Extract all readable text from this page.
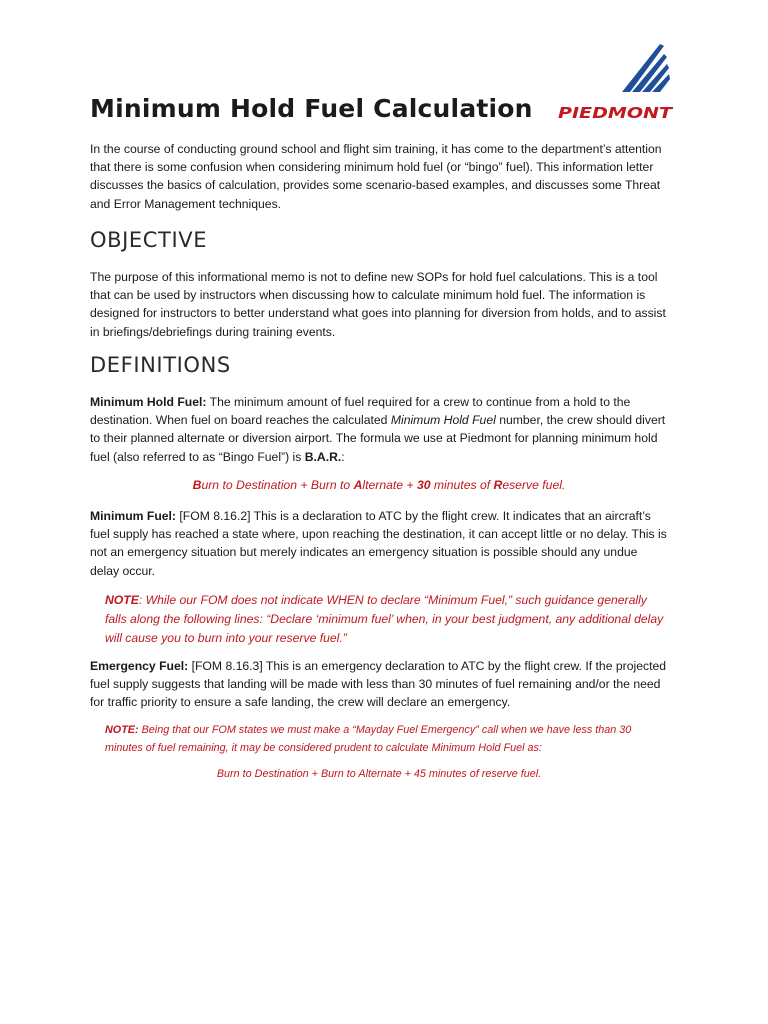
Minimum Hold Fuel Calculation PIEDMONT

In the course of conducting ground school and flight sim training, it has come to the department’s attention that there is some confusion when considering minimum hold fuel (or “bingo” fuel). This information letter discusses the basics of calculation, provides some scenario-based examples, and discusses some Threat and Error Management techniques.

OBJECTIVE

The purpose of this informational memo is not to define new SOPs for hold fuel calculations. This is a tool that can be used by instructors when discussing how to calculate minimum hold fuel. The information is designed for instructors to better understand what goes into planning for diversion from holds, and to assist in briefings/debriefings during training events.

DEFINITIONS

Minimum Hold Fuel: The minimum amount of fuel required for a crew to continue from a hold to the destination. When fuel on board reaches the calculated Minimum Hold Fuel number, the crew should divert to their planned alternate or diversion airport. The formula we use at Piedmont for planning minimum hold fuel (also referred to as “Bingo Fuel”) is B.A.R.:

Burn to Destination + Burn to Alternate + 30 minutes of Reserve fuel.

Minimum Fuel: [FOM 8.16.2] This is a declaration to ATC by the flight crew. It indicates that an aircraft’s fuel supply has reached a state where, upon reaching the destination, it can accept little or no delay. This is not an emergency situation but merely indicates an emergency situation is possible should any undue delay occur.

NOTE: While our FOM does not indicate WHEN to declare “Minimum Fuel,” such guidance generally falls along the following lines: “Declare ‘minimum fuel’ when, in your best judgment, any additional delay will cause you to burn into your reserve fuel.”

Emergency Fuel: [FOM 8.16.3] This is an emergency declaration to ATC by the flight crew. If the projected fuel supply suggests that landing will be made with less than 30 minutes of fuel remaining and/or the need for traffic priority to ensure a safe landing, the crew will declare an emergency.

NOTE: Being that our FOM states we must make a “Mayday Fuel Emergency” call when we have less than 30 minutes of fuel remaining, it may be considered prudent to calculate Minimum Hold Fuel as:

Burn to Destination + Burn to Alternate + 45 minutes of reserve fuel.
